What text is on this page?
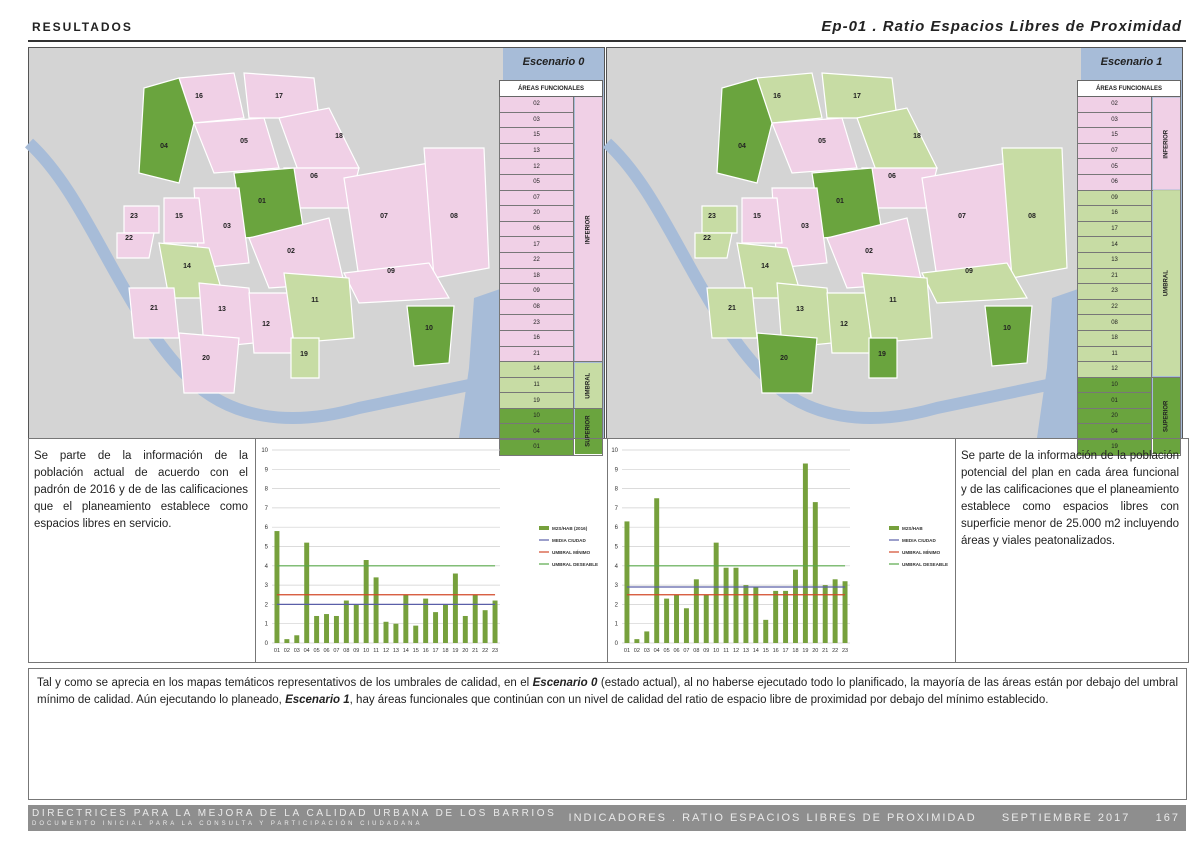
RESULTADOS	Ep-01 . Ratio Espacios Libres de Proximidad
16	17
04
05
18
06
01
03
15
23
22
02
07	08
14
09
21	13
12
11
10
20
19
Escenario 0
ÁREAS FUNCIONALES	
02	INFERIOR
03	
15	
13	
12	
05	
07	
20	
06	
17	
22	
18	
09	
08	
23	
16	
21	
14	UMBRAL
11	
19	
10	SUPERIOR
04	
01	
16	17
04
05
18
06
01
03
15
23
22
02
07	08
14
09
21	13
12
11
10
20
19
Escenario 1
ÁREAS FUNCIONALES	
02	INFERIOR
03	
15	
07	
05	
06	
09	UMBRAL
16	
17	
14	
13	
21	
23	
22	
08	
18	
11	
12	
10	SUPERIOR
01	
20	
04	
19	
Se parte de la información de la población actual de acuerdo con el padrón de 2016 y de de las calificaciones que el planeamiento establece como espacios libres en servicio.
Se parte de la información de la población potencial del plan en cada área funcional y de las calificaciones que el planeamiento establece como espacios libres con superficie menor de 25.000 m2 incluyendo áreas y viales peatonalizados.
0
1
2
3
4
5
6
7
8
9
10
01 02 03 04 05 06 07 08 09 10 11 12 13 14 15 16 17 18 19 20 21 22 23
M2S/HAB (2016)
MEDIA CIUDAD
UMBRAL MÍNIMO
UMBRAL DESEABLE
0
1
2
3
4
5
6
7
8
9
10
01 02 03 04 05 06 07 08 09 10 11 12 13 14 15 16 17 18 19 20 21 22 23
M2S/HAB
MEDIA CIUDAD
UMBRAL MÍNIMO
UMBRAL DESEABLE

Tal y como se aprecia en los mapas temáticos representativos de los umbrales de calidad, en el Escenario 0 (estado actual), al no haberse ejecutado todo lo planificado, la mayoría de las áreas están por debajo del umbral mínimo de calidad. Aún ejecutando lo planeado, Escenario 1, hay áreas funcionales que continúan con un nivel de calidad del ratio de espacio libre de proximidad por debajo del mínimo establecido.

DIRECTRICES PARA LA MEJORA DE LA CALIDAD URBANA DE LOS BARRIOS
DOCUMENTO INICIAL PARA LA CONSULTA Y PARTICIPACIÓN CIUDADANA	INDICADORES . RATIO ESPACIOS LIBRES DE PROXIMIDAD     SEPTIEMBRE 2017     167
